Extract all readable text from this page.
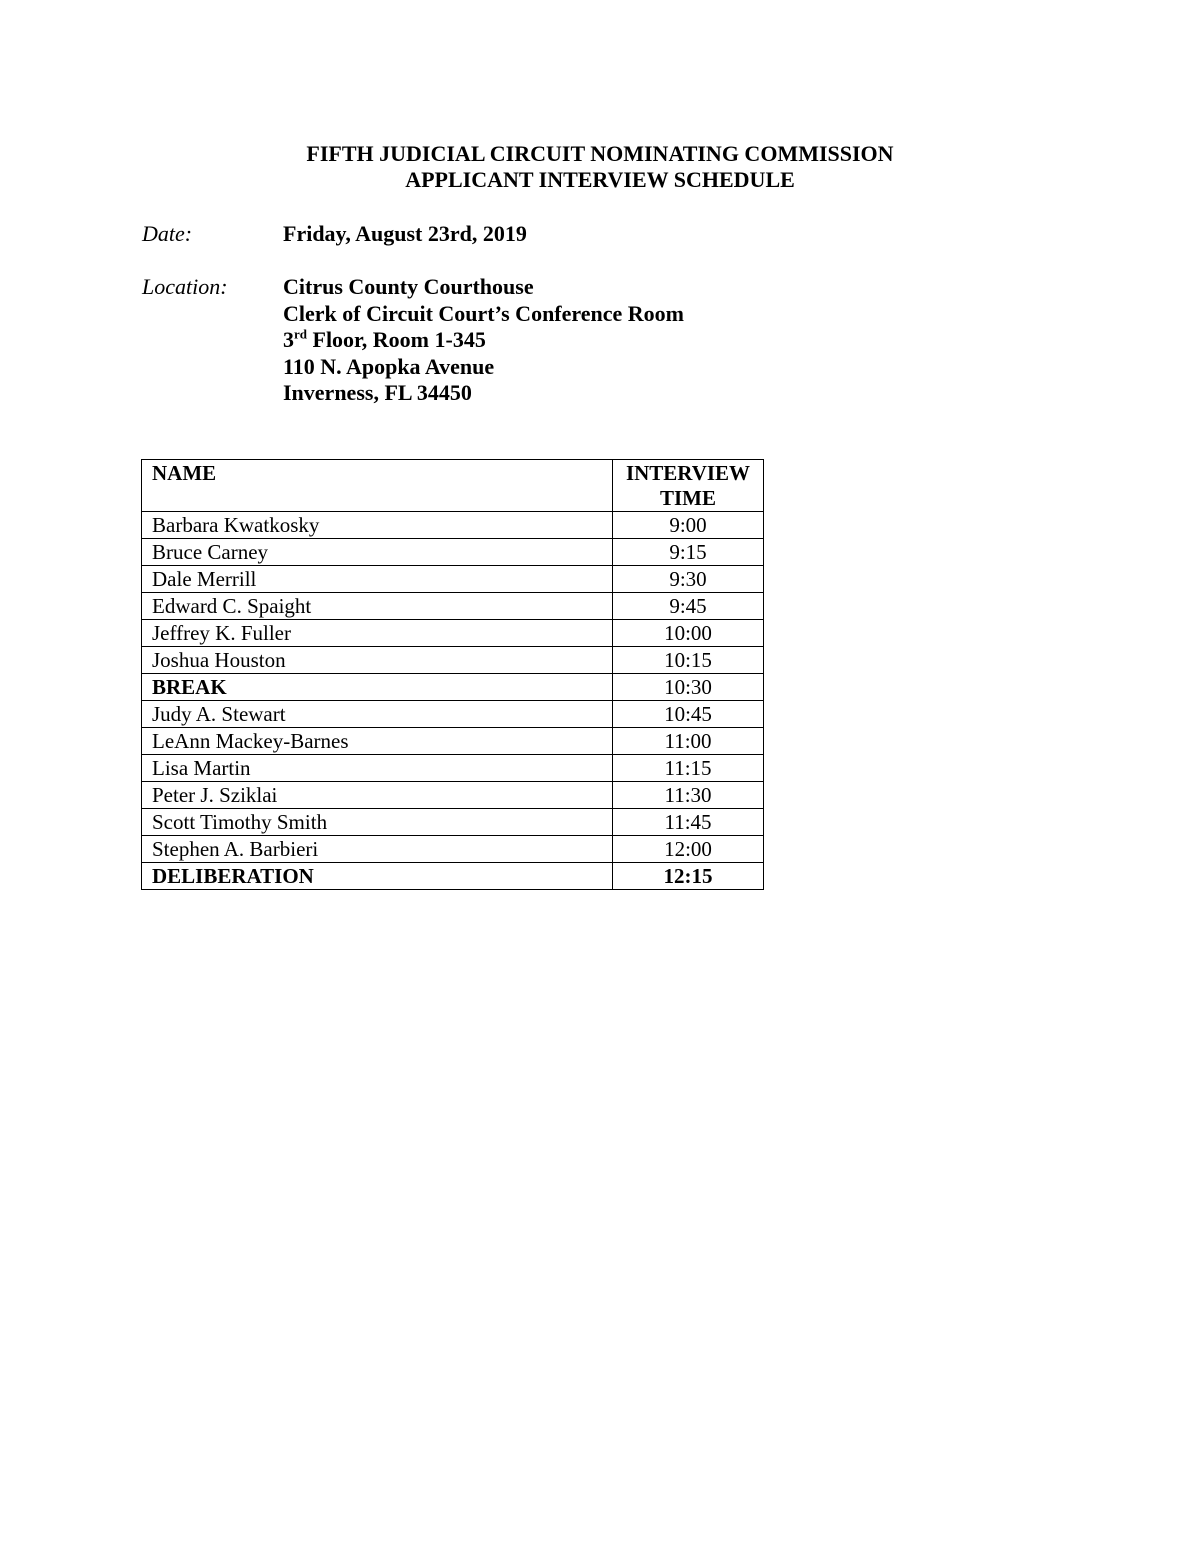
FIFTH JUDICIAL CIRCUIT NOMINATING COMMISSION
APPLICANT INTERVIEW SCHEDULE
Date:	Friday, August 23rd, 2019
Location:	Citrus County Courthouse
Clerk of Circuit Court’s Conference Room
3rd Floor, Room 1-345
110 N. Apopka Avenue
Inverness, FL 34450
NAME	INTERVIEW
TIME
Barbara Kwatkosky	9:00
Bruce Carney	9:15
Dale Merrill	9:30
Edward C. Spaight	9:45
Jeffrey K. Fuller	10:00
Joshua Houston	10:15
BREAK	10:30
Judy A. Stewart	10:45
LeAnn Mackey-Barnes	11:00
Lisa Martin	11:15
Peter J. Sziklai	11:30
Scott Timothy Smith	11:45
Stephen A. Barbieri	12:00
DELIBERATION	12:15
